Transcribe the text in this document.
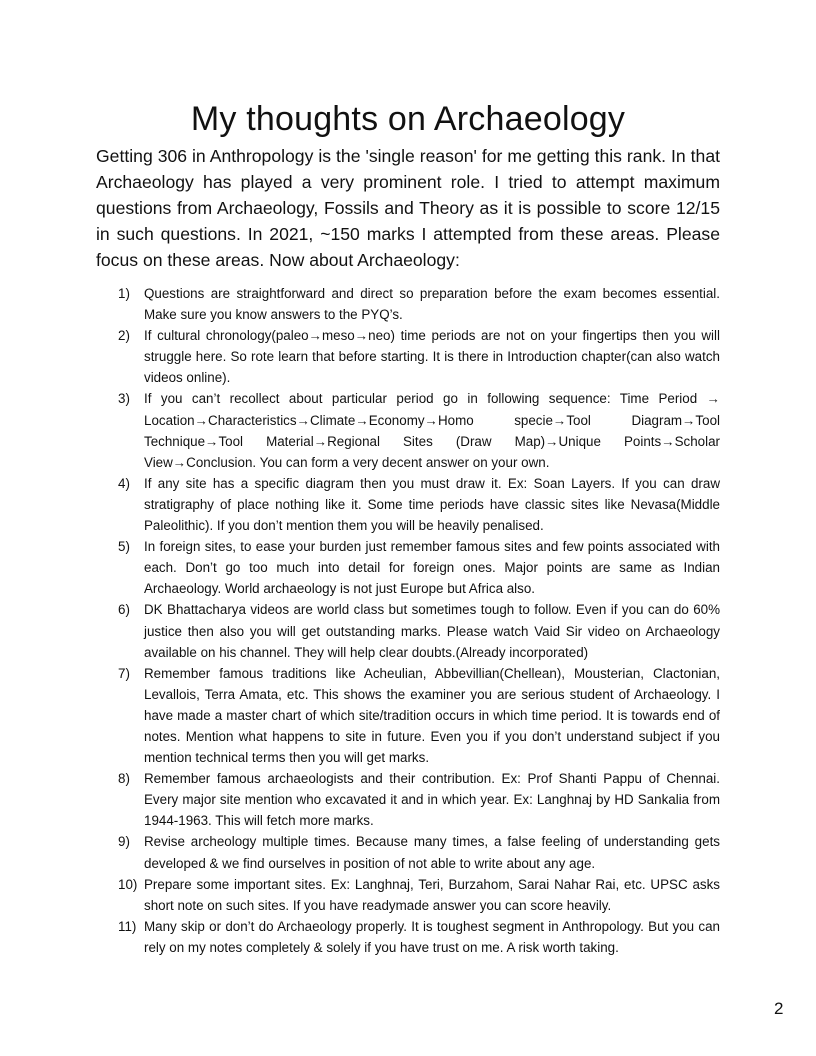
My thoughts on Archaeology

Getting 306 in Anthropology is the 'single reason' for me getting this rank. In that Archaeology has played a very prominent role. I tried to attempt maximum questions from Archaeology, Fossils and Theory as it is possible to score 12/15 in such questions. In 2021, ~150 marks I attempted from these areas. Please focus on these areas. Now about Archaeology:

1 )	Questions are straightforward and direct so preparation before the exam becomes essential. Make sure you know answers to the PYQ’s.
2 )	If cultural chronology(paleo→meso→neo) time periods are not on your fingertips then you will struggle here. So rote learn that before starting. It is there in Introduction chapter(can also watch videos online).
3 )	If you can’t recollect about particular period go in following sequence: Time Period → Location→Characteristics→Climate→Economy→Homo specie→Tool Diagram→Tool Technique→Tool Material→Regional Sites (Draw Map)→Unique Points→Scholar View→Conclusion. You can form a very decent answer on your own.
4 )	If any site has a specific diagram then you must draw it. Ex: Soan Layers. If you can draw stratigraphy of place nothing like it. Some time periods have classic sites like Nevasa(Middle Paleolithic). If you don’t mention them you will be heavily penalised.
5 )	In foreign sites, to ease your burden just remember famous sites and few points associated with each. Don’t go too much into detail for foreign ones. Major points are same as Indian Archaeology. World archaeology is not just Europe but Africa also.
6 )	DK Bhattacharya videos are world class but sometimes tough to follow. Even if you can do 60% justice then also you will get outstanding marks. Please watch Vaid Sir video on Archaeology available on his channel. They will help clear doubts.(Already incorporated)
7 )	Remember famous traditions like Acheulian, Abbevillian(Chellean), Mousterian, Clactonian, Levallois, Terra Amata, etc. This shows the examiner you are serious student of Archaeology. I have made a master chart of which site/tradition occurs in which time period. It is towards end of notes. Mention what happens to site in future. Even you if you don’t understand subject if you mention technical terms then you will get marks.
8 )	Remember famous archaeologists and their contribution. Ex: Prof Shanti Pappu of Chennai. Every major site mention who excavated it and in which year. Ex: Langhnaj by HD Sankalia from 1944-1963. This will fetch more marks.
9 )	Revise archeology multiple times. Because many times, a false feeling of understanding gets developed & we find ourselves in position of not able to write about any age.
10 ) Prepare some important sites. Ex: Langhnaj, Teri, Burzahom, Sarai Nahar Rai, etc. UPSC asks short note on such sites. If you have readymade answer you can score heavily.
11 ) Many skip or don’t do Archaeology properly. It is toughest segment in Anthropology. But you can rely on my notes completely & solely if you have trust on me. A risk worth taking.
2
